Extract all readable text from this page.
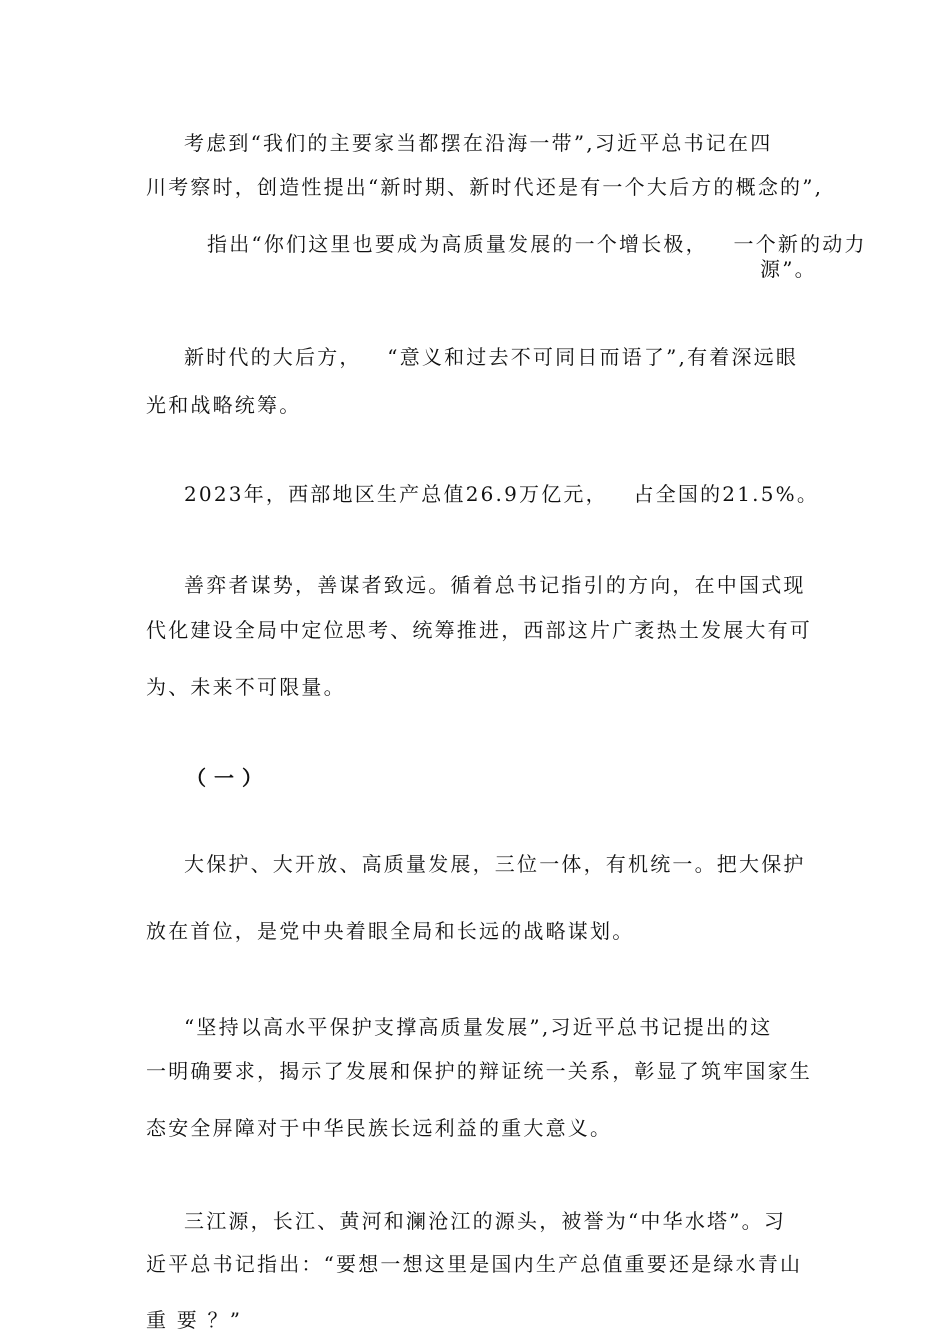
考虑到“我们的主要家当都摆在沿海一带”,习近平总书记在四

川考察时，创造性提出“新时期、新时代还是有一个大后方的概念的”,

指出“你们这里也要成为高质量发展的一个增长极，   一个新的动力

源”。

新时代的大后方，   “意义和过去不可同日而语了”,有着深远眼

光和战略统筹。

2023年，西部地区生产总值26.9万亿元，   占全国的21.5%。

善弈者谋势，善谋者致远。循着总书记指引的方向，在中国式现

代化建设全局中定位思考、统筹推进，西部这片广袤热土发展大有可

为、未来不可限量。

（一）

大保护、大开放、高质量发展，三位一体，有机统一。把大保护

放在首位，是党中央着眼全局和长远的战略谋划。

“坚持以高水平保护支撑高质量发展”,习近平总书记提出的这

一明确要求，揭示了发展和保护的辩证统一关系，彰显了筑牢国家生

态安全屏障对于中华民族长远利益的重大意义。

三江源，长江、黄河和澜沧江的源头，被誉为“中华水塔”。习

近平总书记指出：“要想一想这里是国内生产总值重要还是绿水青山

重 要 ？”
